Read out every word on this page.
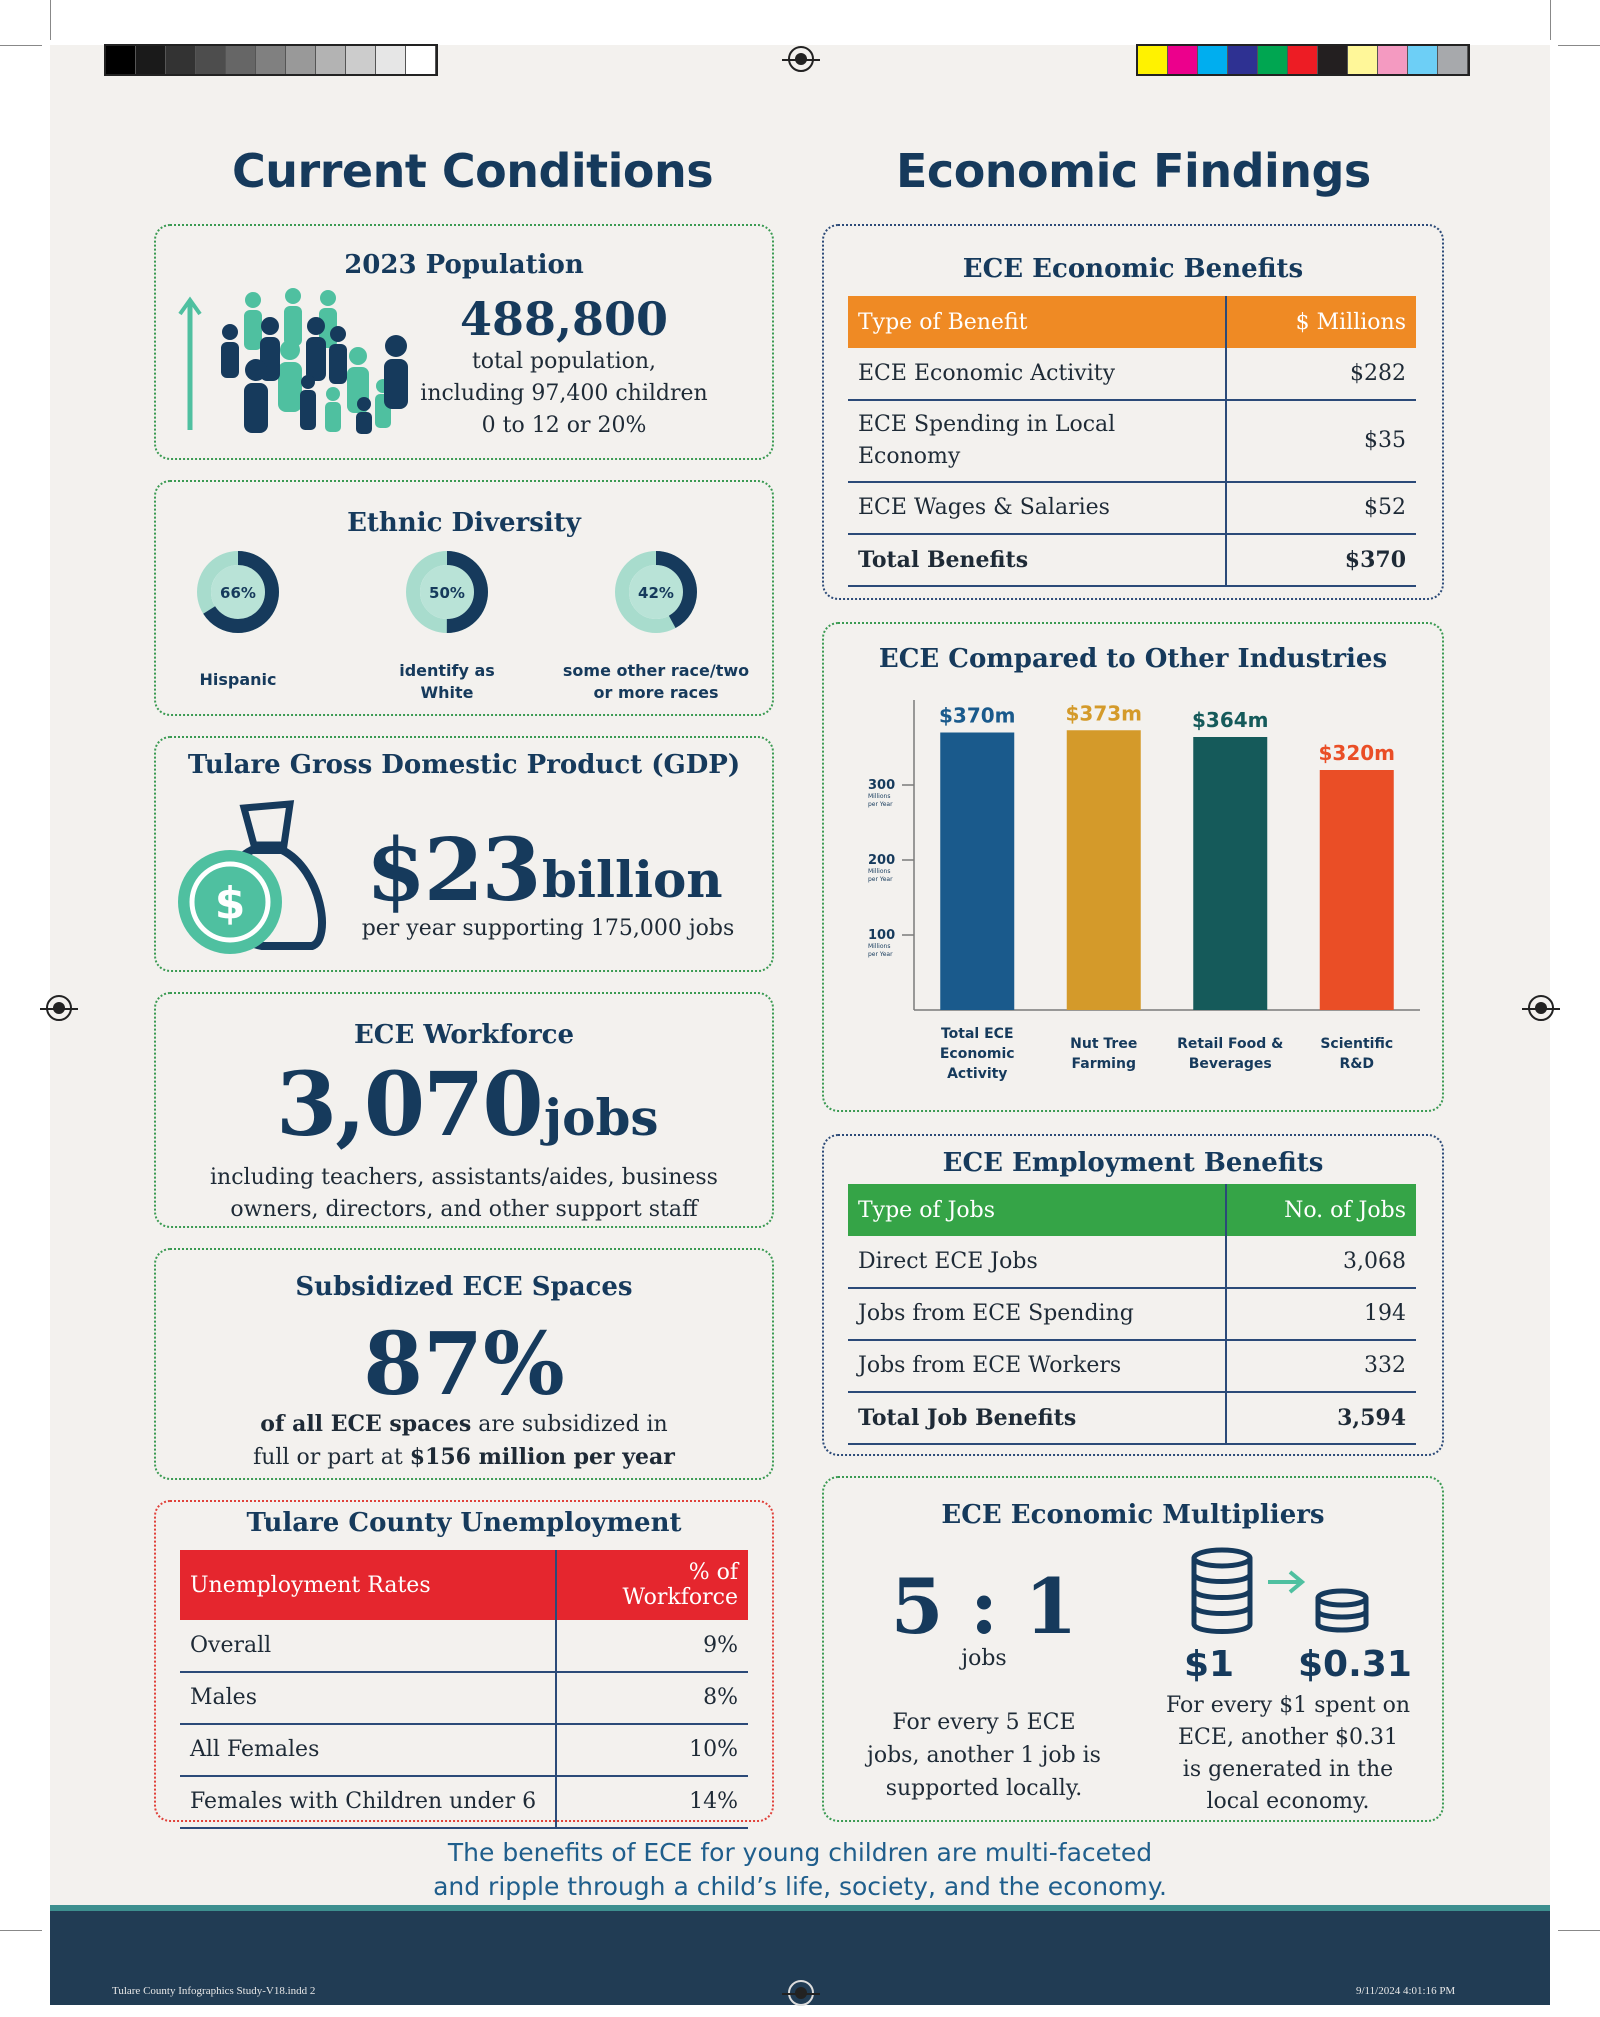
Current Conditions	Economic Findings
2023 Population
488,800
total population,
including 97,400 children
0 to 12 or 20%
Ethnic Diversity
66%	50%	42%
Hispanic	identify as
White
some other race/two
or more races
Tulare Gross Domestic Product (GDP)
$ $23 billion
per year supporting 175,000 jobs
ECE Workforce
3,070 jobs
including teachers, assistants/aides, business
owners, directors, and other support staff
Subsidized ECE Spaces
87%
of all ECE spaces are subsidized in
full or part at $156 million per year
Tulare County Unemployment
Unemployment Rates	% of Workforce
Overall	9%
Males	8%
All Females	10%
Females with Children under 6	14%
ECE Economic Benefits
Type of Benefit	$ Millions
ECE Economic Activity	$282
ECE Spending in Local Economy	$35
ECE Wages & Salaries	$52
Total Benefits	$370
ECE Compared to Other Industries
100
Millions
per Year
200
Millions
per Year
300
Millions
per Year
$370m
Total ECE
Economic
Activity
$373m
Nut Tree
Farming
$364m
Retail Food &
Beverages
$320m
Scientific
R&D
ECE Employment Benefits
Type of Jobs	No. of Jobs
Direct ECE Jobs	3,068
Jobs from ECE Spending	194
Jobs from ECE Workers	332
Total Job Benefits	3,594
ECE Economic Multipliers
5 : 1
jobs
For every 5 ECE
jobs, another 1 job is
supported locally.
$1 $0.31
For every $1 spent on
ECE, another $0.31
is generated in the
local economy.
The benefits of ECE for young children are multi-faceted
and ripple through a child’s life, society, and the economy.
Tulare County Infographics Study-V18.indd 2	9/11/2024 4:01:16 PM
